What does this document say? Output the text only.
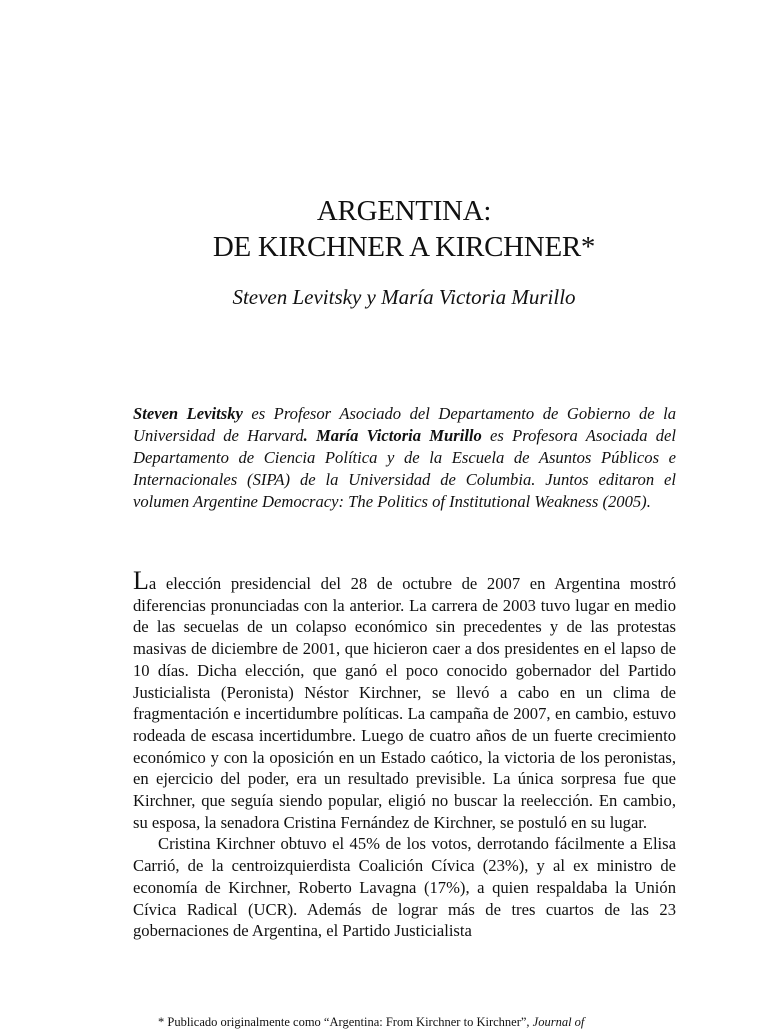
ARGENTINA:
DE KIRCHNER A KIRCHNER*
Steven Levitsky y María Victoria Murillo
Steven Levitsky es Profesor Asociado del Departamento de Gobierno de la Universidad de Harvard. María Victoria Murillo es Profesora Asociada del Departamento de Ciencia Política y de la Escuela de Asuntos Públicos e Internacionales (SIPA) de la Universidad de Columbia. Juntos editaron el volumen Argentine Democracy: The Politics of Institutional Weakness (2005).

La elección presidencial del 28 de octubre de 2007 en Argentina mostró diferencias pronunciadas con la anterior. La carrera de 2003 tuvo lugar en medio de las secuelas de un colapso económico sin precedentes y de las protestas masivas de diciembre de 2001, que hicieron caer a dos presidentes en el lapso de 10 días. Dicha elección, que ganó el poco conocido gobernador del Partido Justicialista (Peronista) Néstor Kirchner, se llevó a cabo en un clima de fragmentación e incertidumbre políticas. La campaña de 2007, en cambio, estuvo rodeada de escasa incertidumbre. Luego de cuatro años de un fuerte crecimiento económico y con la oposición en un Estado caótico, la victoria de los peronistas, en ejercicio del poder, era un resultado previsible. La única sorpresa fue que Kirchner, que seguía siendo popular, eligió no buscar la reelección. En cambio, su esposa, la senadora Cristina Fernández de Kirchner, se postuló en su lugar.

Cristina Kirchner obtuvo el 45% de los votos, derrotando fácilmente a Elisa Carrió, de la centroizquierdista Coalición Cívica (23%), y al ex ministro de economía de Kirchner, Roberto Lavagna (17%), a quien respaldaba la Unión Cívica Radical (UCR). Además de lograr más de tres cuartos de las 23 gobernaciones de Argentina, el Partido Justicialista

* Publicado originalmente como “Argentina: From Kirchner to Kirchner”, Journal of
